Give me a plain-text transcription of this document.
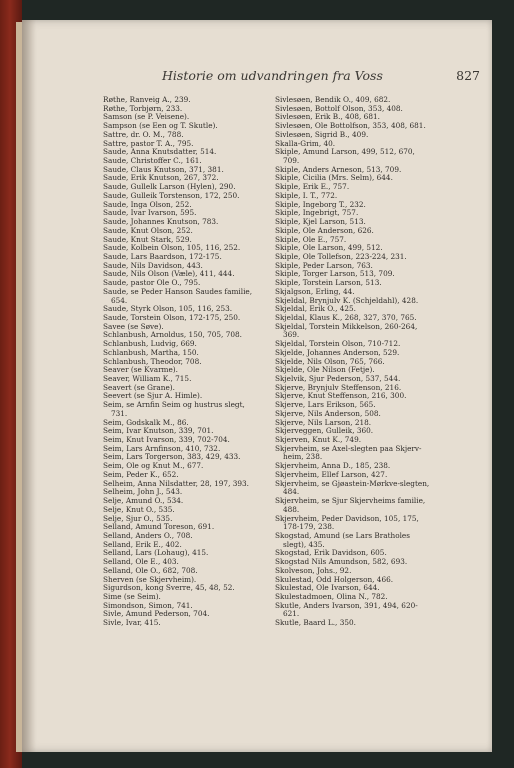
Historie om udvandringen fra Voss	827
Røthe, Ranveig A., 239.
Røthe, Torbjørn, 233.
Samson (se P. Veisene).
Sampson (se Een og T. Skutle).
Sattre, dr. O. M., 788.
Sattre, pastor T. A., 795.
Saude, Anna Knutsdatter, 514.
Saude, Christoffer C., 161.
Saude, Claus Knutson, 371, 381.
Saude, Erik Knutson, 267, 372.
Saude, Gullelk Larson (Hylen), 290.
Saude, Gulleik Torstenson, 172, 250.
Saude, Inga Olson, 252.
Saude, Ivar Ivarson, 595.
Saude, Johannes Knutson, 783.
Saude, Knut Olson, 252.
Saude, Knut Stark, 529.
Saude, Kolbein Olson, 105, 116, 252.
Saude, Lars Baardson, 172-175.
Saude, Nils Davidson, 443.
Saude, Nils Olson (Væle), 411, 444.
Saude, pastor Ole O., 795.
Saude, se Peder Hanson Saudes familie,
654.
Saude, Styrk Olson, 105, 116, 253.
Saude, Torstein Olson, 172-175, 250.
Savee (se Søve).
Schlanbush, Arnoldus, 150, 705, 708.
Schlanbush, Ludvig, 669.
Schlanbush, Martha, 150.
Schlanbush, Theodor, 708.
Seaver (se Kvarme).
Seaver, William K., 715.
Seavert (se Grane).
Seevert (se Sjur A. Himle).
Seim, se Arnfin Seim og hustrus slegt,
731.
Seim, Godskalk M., 86.
Seim, Ivar Knutson, 339, 701.
Seim, Knut Ivarson, 339, 702-704.
Seim, Lars Arnfinson, 410, 732.
Seim, Lars Torgerson, 383, 429, 433.
Seim, Ole og Knut M., 677.
Seim, Peder K., 652.
Selheim, Anna Nilsdatter, 28, 197, 393.
Selheim, John J., 543.
Selje, Amund O., 534.
Selje, Knut O., 535.
Selje, Sjur O., 535.
Selland, Amund Toreson, 691.
Selland, Anders O., 708.
Selland, Erik E., 402.
Selland, Lars (Lohaug), 415.
Selland, Ole E., 403.
Selland, Ole O., 682, 708.
Sherven (se Skjervheim).
Sigurdson, kong Sverre, 45, 48, 52.
Sime (se Seim).
Simondson, Simon, 741.
Sivle, Amund Pederson, 704.
Sivle, Ivar, 415.
Sivlesøen, Bendik O., 409, 682.
Sivlesøen, Bottolf Olson, 353, 408.
Sivlesøen, Erik B., 408, 681.
Sivlesøen, Ole Bottolfson, 353, 408, 681.
Sivlesøen, Sigrid B., 409.
Skalla-Grim, 40.
Skiple, Amund Larson, 499, 512, 670,
709.
Skiple, Anders Arneson, 513, 709.
Skiple, Cicilia (Mrs. Selm), 644.
Skiple, Erik E., 757.
Skiple, I. T., 772.
Skiple, Ingeborg T., 232.
Skiple, Ingebrigt, 757.
Skiple, Kjel Larson, 513.
Skiple, Ole Anderson, 626.
Skiple, Ole E., 757.
Skiple, Ole Larson, 499, 512.
Skiple, Ole Tollefson, 223-224, 231.
Skiple, Peder Larson, 763.
Skiple, Torger Larson, 513, 709.
Skiple, Torstein Larson, 513.
Skjalgson, Erling, 44.
Skjeldal, Brynjulv K. (Schjeldahl), 428.
Skjeldal, Erik O., 425.
Skjeldal, Klaus K., 268, 327, 370, 765.
Skjeldal, Torstein Mikkelson, 260-264,
369.
Skjeldal, Torstein Olson, 710-712.
Skjelde, Johannes Anderson, 529.
Skjelde, Nils Olson, 765, 766.
Skjelde, Ole Nilson (Fetje).
Skjelvik, Sjur Pederson, 537, 544.
Skjerve, Brynjulv Steffenson, 216.
Skjerve, Knut Steffenson, 216, 300.
Skjerve, Lars Erikson, 565.
Skjerve, Nils Anderson, 508.
Skjerve, Nils Larson, 218.
Skjerveggen, Gulleik, 360.
Skjerven, Knut K., 749.
Skjervheim, se Axel-slegten paa Skjerv-
heim, 238.
Skjervheim, Anna D., 185, 238.
Skjervheim, Ellef Larson, 427.
Skjervheim, se Gjøastein-Mørkve-slegten,
484.
Skjervheim, se Sjur Skjervheims familie,
488.
Skjervheim, Peder Davidson, 105, 175,
178-179, 238.
Skogstad, Amund (se Lars Bratholes
slegt), 435.
Skogstad, Erik Davidson, 605.
Skogstad Nils Amundson, 582, 693.
Skolveson, Johs., 92.
Skulestad, Odd Holgerson, 466.
Skulestad, Ole Ivarson, 644.
Skulestadmoen, Olina N., 782.
Skutle, Anders Ivarson, 391, 494, 620-
621.
Skutle, Baard L., 350.
